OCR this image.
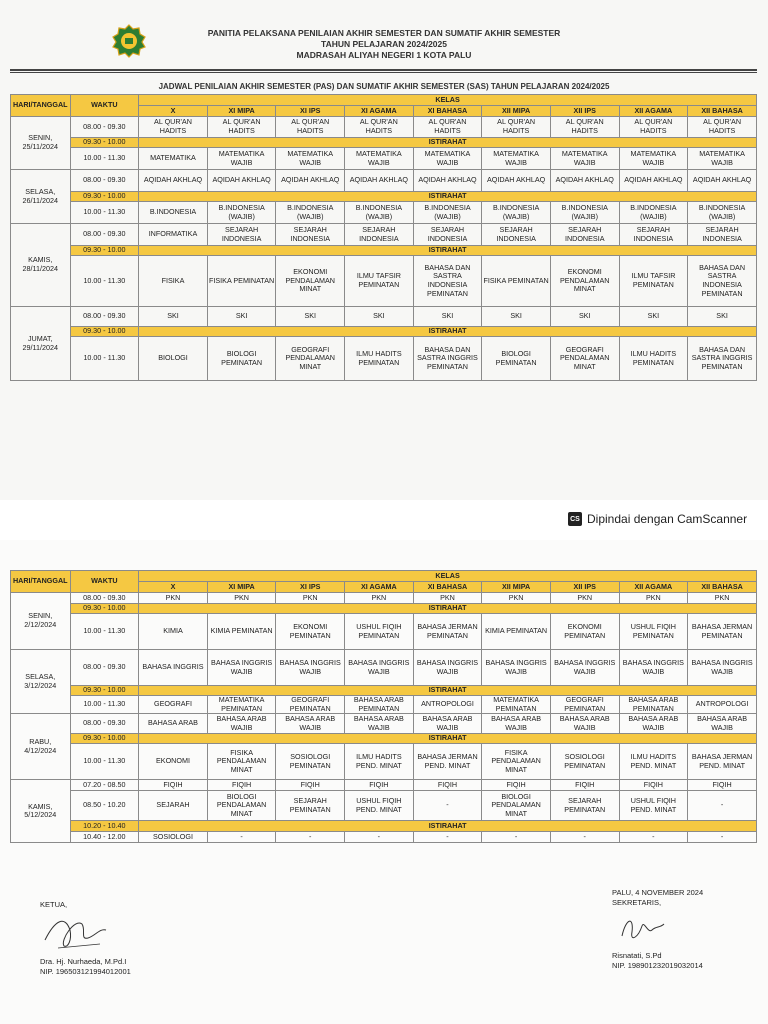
PANITIA PELAKSANA PENILAIAN AKHIR SEMESTER DAN SUMATIF AKHIR SEMESTER
TAHUN PELAJARAN 2024/2025
MADRASAH ALIYAH NEGERI 1 KOTA PALU
JADWAL PENILAIAN AKHIR SEMESTER (PAS) DAN SUMATIF AKHIR SEMESTER (SAS) TAHUN PELAJARAN 2024/2025
HARI/TANGGAL	WAKTU	KELAS								
		X	XI MIPA	XI IPS	XI AGAMA	XI BAHASA	XII MIPA	XII IPS	XII AGAMA	XII BAHASA
SENIN,
25/11/2024	08.00 - 09.30	AL QUR'AN HADITS	AL QUR'AN HADITS	AL QUR'AN HADITS	AL QUR'AN HADITS	AL QUR'AN HADITS	AL QUR'AN HADITS	AL QUR'AN HADITS	AL QUR'AN HADITS	AL QUR'AN HADITS
	09.30 - 10.00	ISTIRAHAT								
	10.00 - 11.30	MATEMATIKA	MATEMATIKA WAJIB	MATEMATIKA WAJIB	MATEMATIKA WAJIB	MATEMATIKA WAJIB	MATEMATIKA WAJIB	MATEMATIKA WAJIB	MATEMATIKA WAJIB	MATEMATIKA WAJIB
SELASA,
26/11/2024	08.00 - 09.30	AQIDAH AKHLAQ	AQIDAH AKHLAQ	AQIDAH AKHLAQ	AQIDAH AKHLAQ	AQIDAH AKHLAQ	AQIDAH AKHLAQ	AQIDAH AKHLAQ	AQIDAH AKHLAQ	AQIDAH AKHLAQ
	09.30 - 10.00	ISTIRAHAT								
	10.00 - 11.30	B.INDONESIA	B.INDONESIA (WAJIB)	B.INDONESIA (WAJIB)	B.INDONESIA (WAJIB)	B.INDONESIA (WAJIB)	B.INDONESIA (WAJIB)	B.INDONESIA (WAJIB)	B.INDONESIA (WAJIB)	B.INDONESIA (WAJIB)
KAMIS,
28/11/2024	08.00 - 09.30	INFORMATIKA	SEJARAH INDONESIA	SEJARAH INDONESIA	SEJARAH INDONESIA	SEJARAH INDONESIA	SEJARAH INDONESIA	SEJARAH INDONESIA	SEJARAH INDONESIA	SEJARAH INDONESIA
	09.30 - 10.00	ISTIRAHAT								
	10.00 - 11.30	FISIKA	FISIKA PEMINATAN	EKONOMI PENDALAMAN MINAT	ILMU TAFSIR PEMINATAN	BAHASA DAN SASTRA INDONESIA PEMINATAN	FISIKA PEMINATAN	EKONOMI PENDALAMAN MINAT	ILMU TAFSIR PEMINATAN	BAHASA DAN SASTRA INDONESIA PEMINATAN
JUMAT,
29/11/2024	08.00 - 09.30	SKI	SKI	SKI	SKI	SKI	SKI	SKI	SKI	SKI
	09.30 - 10.00	ISTIRAHAT								
	10.00 - 11.30	BIOLOGI	BIOLOGI PEMINATAN	GEOGRAFI PENDALAMAN MINAT	ILMU HADITS PEMINATAN	BAHASA DAN SASTRA INGGRIS PEMINATAN	BIOLOGI PEMINATAN	GEOGRAFI PENDALAMAN MINAT	ILMU HADITS PEMINATAN	BAHASA DAN SASTRA INGGRIS PEMINATAN
CS Dipindai dengan CamScanner
HARI/TANGGAL	WAKTU	KELAS								
		X	XI MIPA	XI IPS	XI AGAMA	XI BAHASA	XII MIPA	XII IPS	XII AGAMA	XII BAHASA
SENIN,
2/12/2024	08.00 - 09.30	PKN	PKN	PKN	PKN	PKN	PKN	PKN	PKN	PKN
	09.30 - 10.00	ISTIRAHAT								
	10.00 - 11.30	KIMIA	KIMIA PEMINATAN	EKONOMI PEMINATAN	USHUL FIQIH PEMINATAN	BAHASA JERMAN PEMINATAN	KIMIA PEMINATAN	EKONOMI PEMINATAN	USHUL FIQIH PEMINATAN	BAHASA JERMAN PEMINATAN
SELASA,
3/12/2024	08.00 - 09.30	BAHASA INGGRIS	BAHASA INGGRIS WAJIB	BAHASA INGGRIS WAJIB	BAHASA INGGRIS WAJIB	BAHASA INGGRIS WAJIB	BAHASA INGGRIS WAJIB	BAHASA INGGRIS WAJIB	BAHASA INGGRIS WAJIB	BAHASA INGGRIS WAJIB
	09.30 - 10.00	ISTIRAHAT								
	10.00 - 11.30	GEOGRAFI	MATEMATIKA PEMINATAN	GEOGRAFI PEMINATAN	BAHASA ARAB PEMINATAN	ANTROPOLOGI	MATEMATIKA PEMINATAN	GEOGRAFI PEMINATAN	BAHASA ARAB PEMINATAN	ANTROPOLOGI
RABU,
4/12/2024	08.00 - 09.30	BAHASA ARAB	BAHASA ARAB WAJIB	BAHASA ARAB WAJIB	BAHASA ARAB WAJIB	BAHASA ARAB WAJIB	BAHASA ARAB WAJIB	BAHASA ARAB WAJIB	BAHASA ARAB WAJIB	BAHASA ARAB WAJIB
	09.30 - 10.00	ISTIRAHAT								
	10.00 - 11.30	EKONOMI	FISIKA PENDALAMAN MINAT	SOSIOLOGI PEMINATAN	ILMU HADITS PEND. MINAT	BAHASA JERMAN PEND. MINAT	FISIKA PENDALAMAN MINAT	SOSIOLOGI PEMINATAN	ILMU HADITS PEND. MINAT	BAHASA JERMAN PEND. MINAT
KAMIS,
5/12/2024	07.20 - 08.50	FIQIH	FIQIH	FIQIH	FIQIH	FIQIH	FIQIH	FIQIH	FIQIH	FIQIH
	08.50 - 10.20	SEJARAH	BIOLOGI PENDALAMAN MINAT	SEJARAH PEMINATAN	USHUL FIQIH PEND. MINAT	-	BIOLOGI PENDALAMAN MINAT	SEJARAH PEMINATAN	USHUL FIQIH PEND. MINAT	-
	10.20 - 10.40	ISTIRAHAT								
	10.40 - 12.00	SOSIOLOGI	-	-	-	-	-	-	-	-
KETUA,
Dra. Hj. Nurhaeda, M.Pd.I
NIP. 196503121994012001
PALU, 4 NOVEMBER 2024
SEKRETARIS,
Risnatati, S.Pd
NIP. 198901232019032014
